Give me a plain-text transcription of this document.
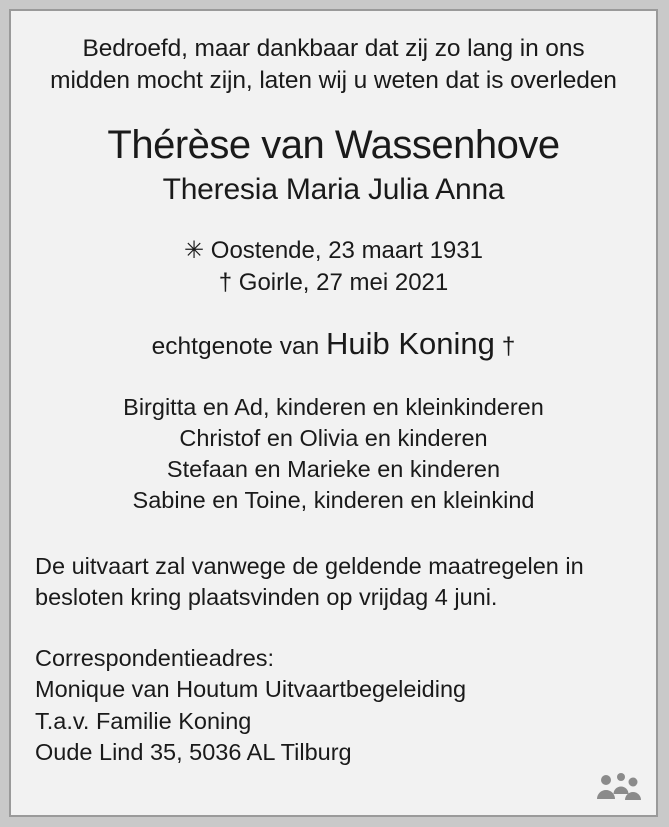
Bedroefd, maar dankbaar dat zij zo lang in ons midden mocht zijn, laten wij u weten dat is overleden
Thérèse van Wassenhove
Theresia Maria Julia Anna
✳ Oostende, 23 maart 1931
† Goirle, 27 mei 2021
echtgenote van Huib Koning †
Birgitta en Ad, kinderen en kleinkinderen
Christof en Olivia en kinderen
Stefaan en Marieke en kinderen
Sabine en Toine, kinderen en kleinkind
De uitvaart zal vanwege de geldende maatregelen in besloten kring plaatsvinden op vrijdag 4 juni.
Correspondentieadres:
Monique van Houtum Uitvaartbegeleiding
T.a.v. Familie Koning
Oude Lind 35, 5036 AL Tilburg
